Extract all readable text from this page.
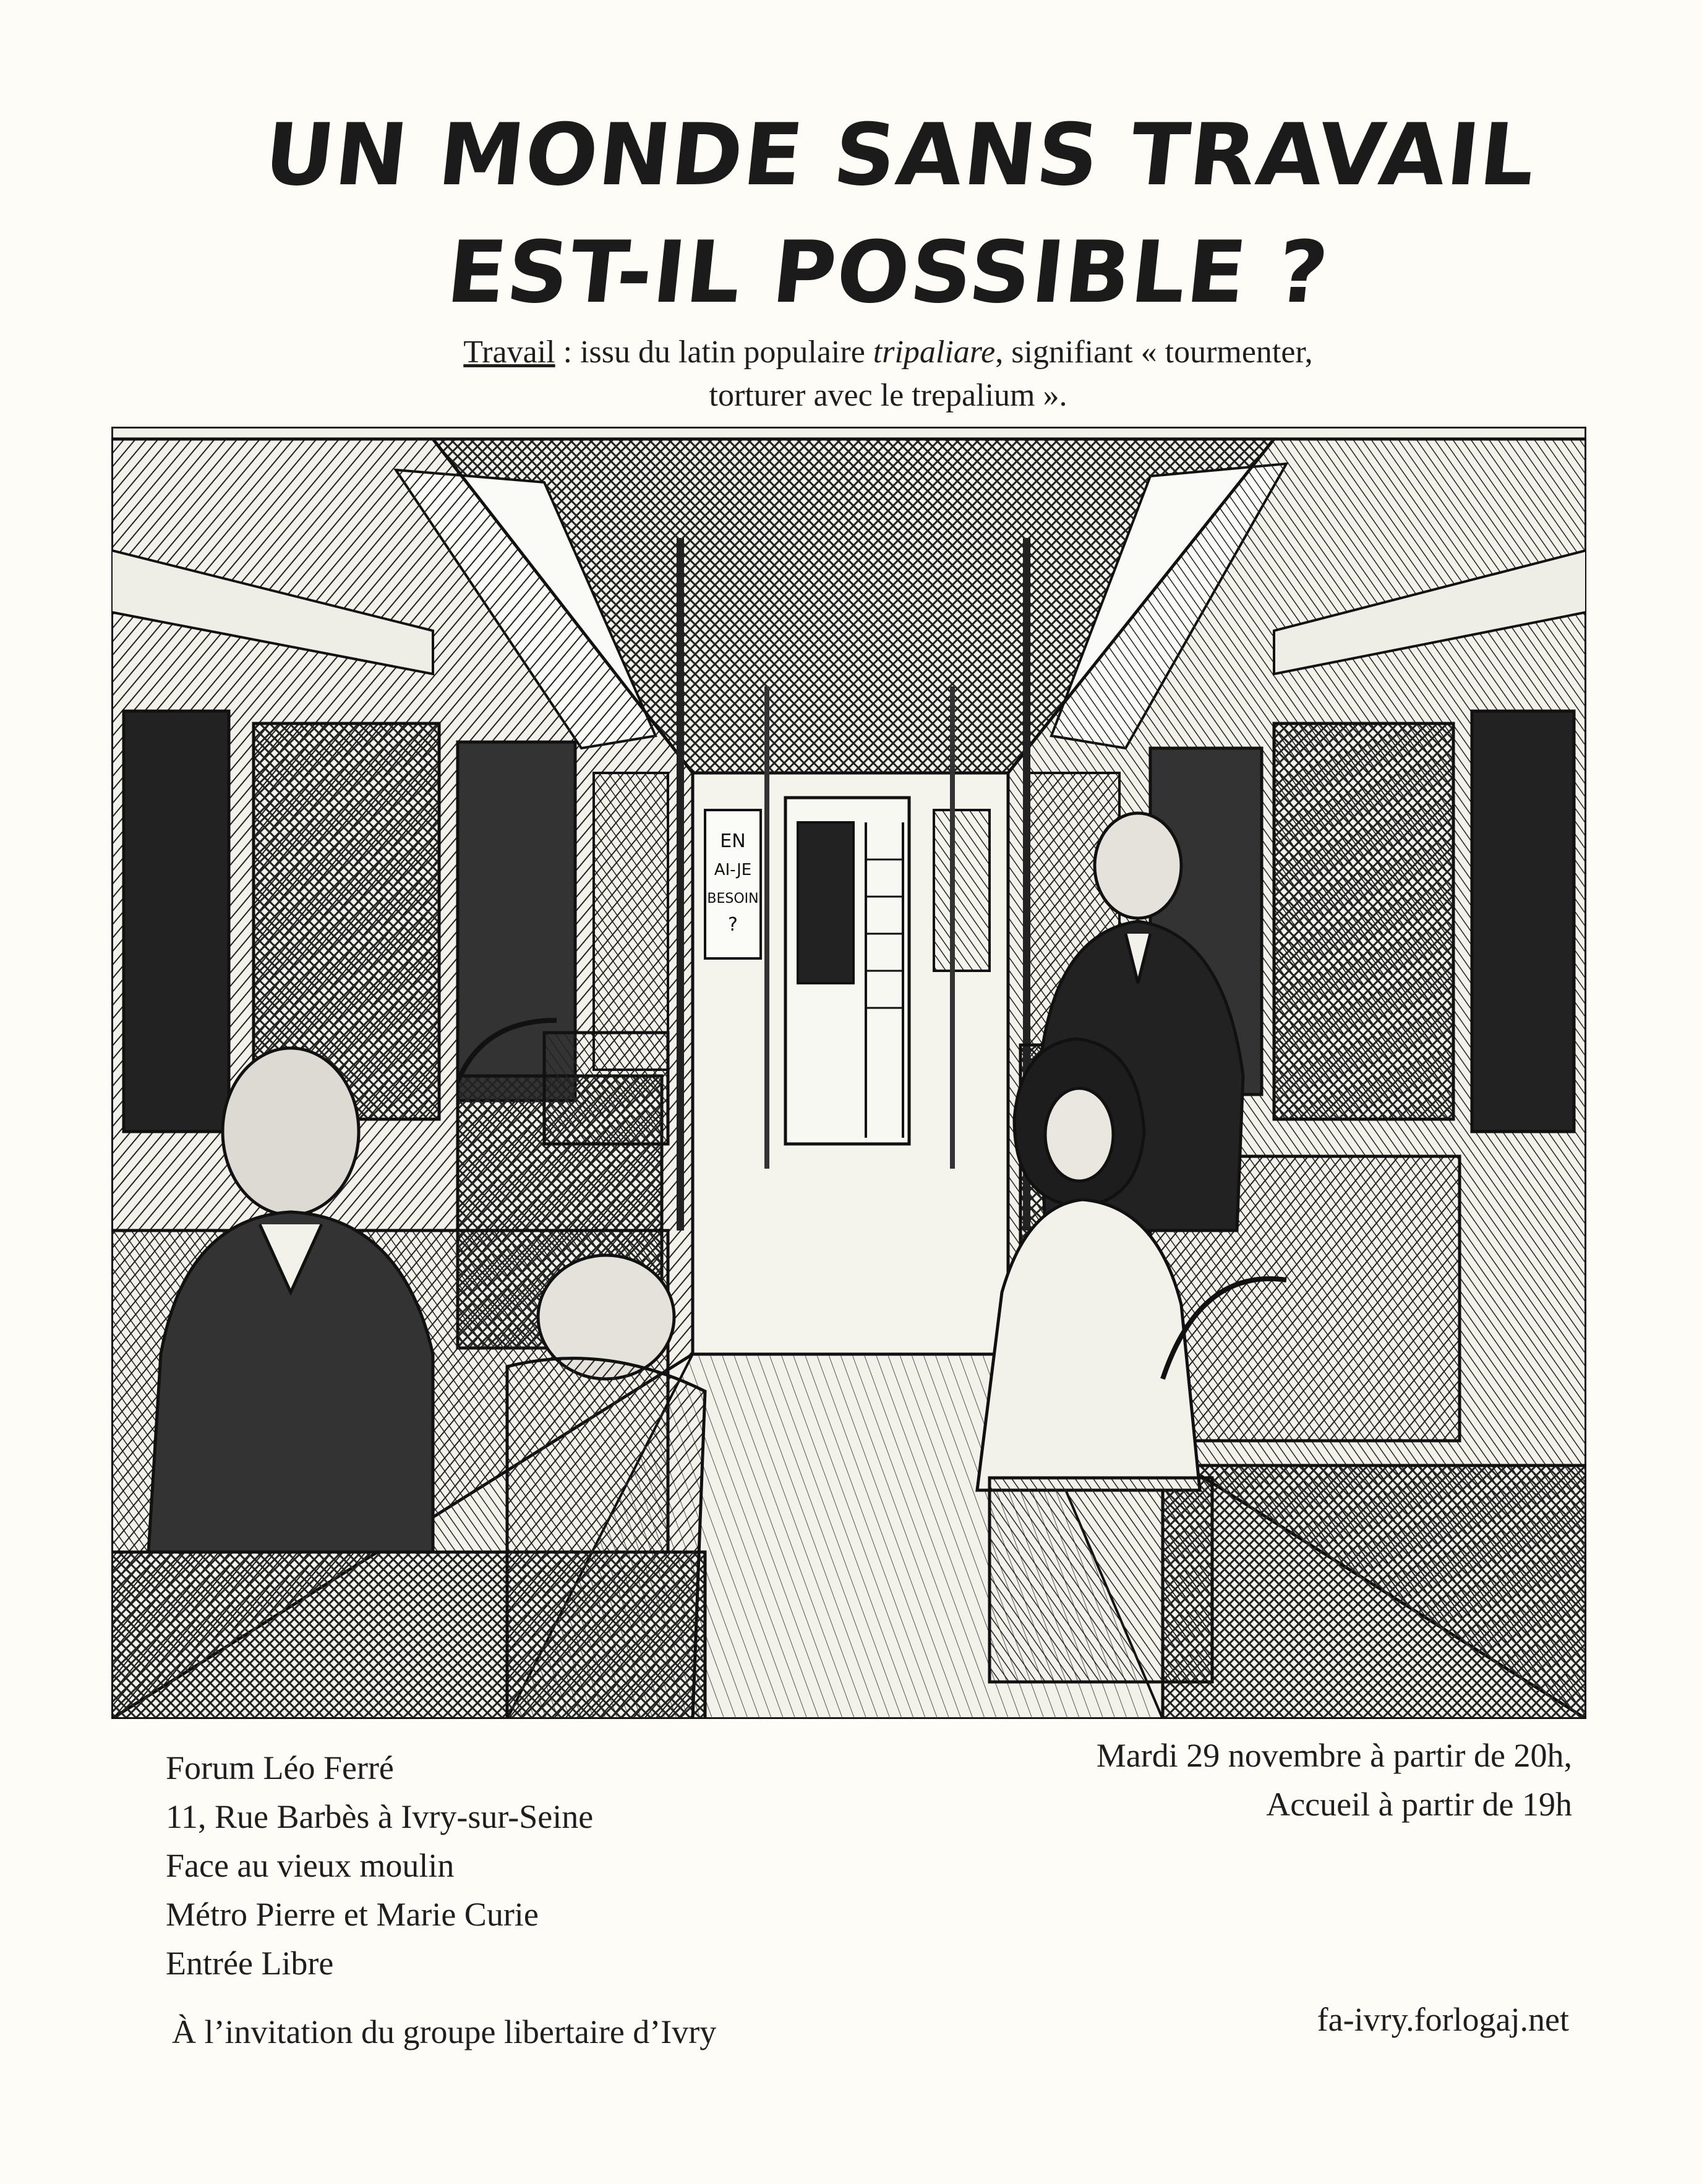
UN MONDE SANS TRAVAIL
EST-IL POSSIBLE ?
Travail : issu du latin populaire tripaliare, signifiant « tourmenter,
torturer avec le trepalium ».
EN
AI-JE
BESOIN
?
Forum Léo Ferré
11, Rue Barbès à Ivry-sur-Seine
Face au vieux moulin
Métro Pierre et Marie Curie
Entrée Libre
Mardi 29 novembre à partir de 20h,
Accueil à partir de 19h
À l’invitation du groupe libertaire d’Ivry	fa-ivry.forlogaj.net
